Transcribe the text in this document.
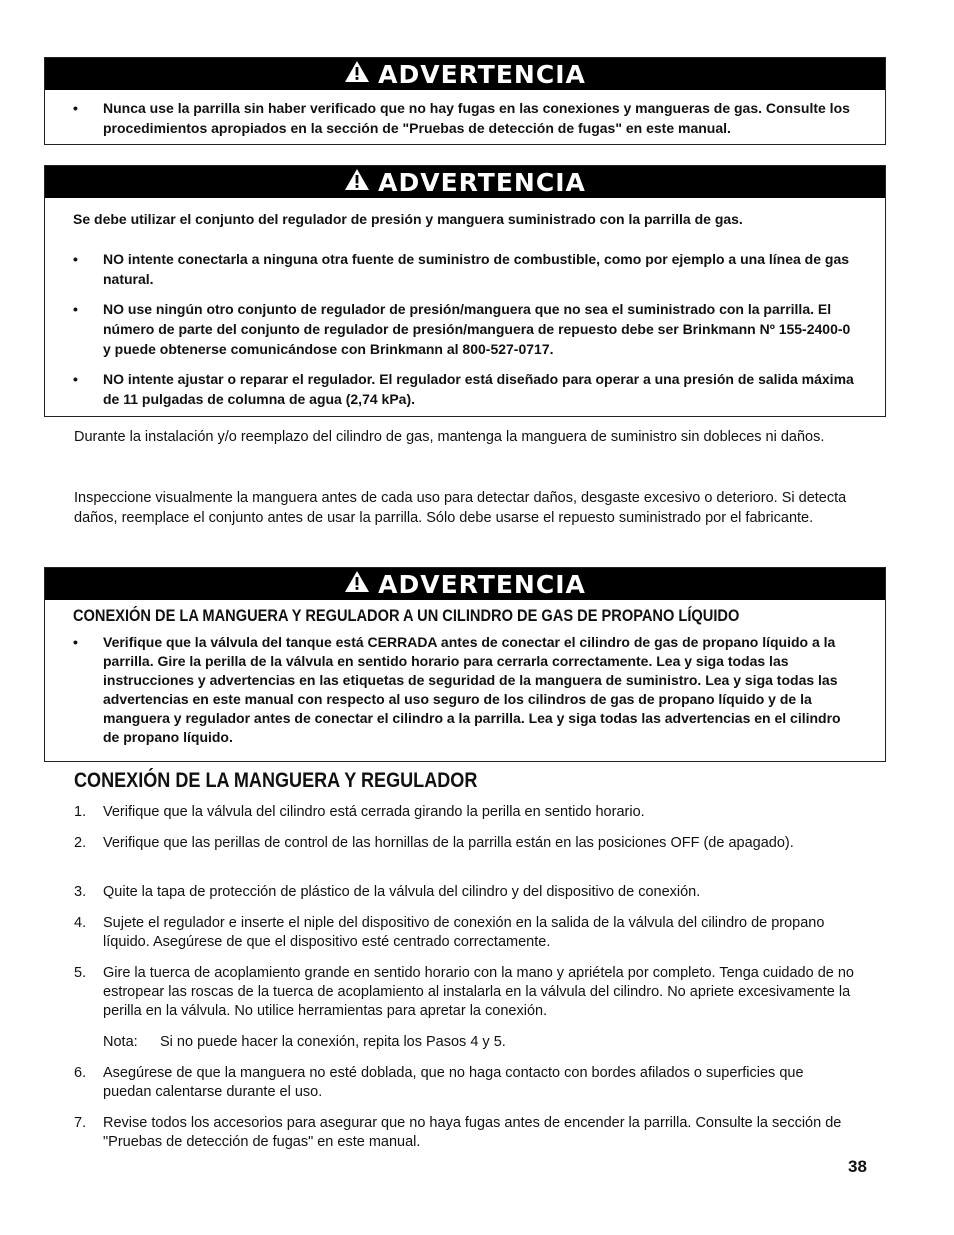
ADVERTENCIA
• Nunca use la parrilla sin haber verificado que no hay fugas en las conexiones y mangueras de gas. Consulte los procedimientos apropiados en la sección de "Pruebas de detección de fugas" en este manual.
ADVERTENCIA
Se debe utilizar el conjunto del regulador de presión y manguera suministrado con la parrilla de gas.
• NO intente conectarla a ninguna otra fuente de suministro de combustible, como por ejemplo a una línea de gas natural.
• NO use ningún otro conjunto de regulador de presión/manguera que no sea el suministrado con la parrilla. El número de parte del conjunto de regulador de presión/manguera de repuesto debe ser Brinkmann Nº 155-2400-0 y puede obtenerse comunicándose con Brinkmann al 800-527-0717.
• NO intente ajustar o reparar el regulador. El regulador está diseñado para operar a una presión de salida máxima de 11 pulgadas de columna de agua (2,74 kPa).
Durante la instalación y/o reemplazo del cilindro de gas, mantenga la manguera de suministro sin dobleces ni daños.
Inspeccione visualmente la manguera antes de cada uso para detectar daños, desgaste excesivo o deterioro. Si detecta daños, reemplace el conjunto antes de usar la parrilla. Sólo debe usarse el repuesto suministrado por el fabricante.
ADVERTENCIA
CONEXIÓN DE LA MANGUERA Y REGULADOR A UN CILINDRO DE GAS DE PROPANO LÍQUIDO
• Verifique que la válvula del tanque está CERRADA antes de conectar el cilindro de gas de propano líquido a la parrilla. Gire la perilla de la válvula en sentido horario para cerrarla correctamente. Lea y siga todas las instrucciones y advertencias en las etiquetas de seguridad de la manguera de suministro. Lea y siga todas las advertencias en este manual con respecto al uso seguro de los cilindros de gas de propano líquido y de la manguera y regulador antes de conectar el cilindro a la parrilla. Lea y siga todas las advertencias en el cilindro de propano líquido.
CONEXIÓN DE LA MANGUERA Y REGULADOR
1. Verifique que la válvula del cilindro está cerrada girando la perilla en sentido horario.
2. Verifique que las perillas de control de las hornillas de la parrilla están en las posiciones OFF (de apagado).
3. Quite la tapa de protección de plástico de la válvula del cilindro y del dispositivo de conexión.
4. Sujete el regulador e inserte el niple del dispositivo de conexión en la salida de la válvula del cilindro de propano líquido. Asegúrese de que el dispositivo esté centrado correctamente.
5. Gire la tuerca de acoplamiento grande en sentido horario con la mano y apriétela por completo. Tenga cuidado de no estropear las roscas de la tuerca de acoplamiento al instalarla en la válvula del cilindro. No apriete excesivamente la perilla en la válvula. No utilice herramientas para apretar la conexión.
Nota: Si no puede hacer la conexión, repita los Pasos 4 y 5.
6. Asegúrese de que la manguera no esté doblada, que no haga contacto con bordes afilados o superficies que puedan calentarse durante el uso.
7. Revise todos los accesorios para asegurar que no haya fugas antes de encender la parrilla. Consulte la sección de "Pruebas de detección de fugas" en este manual.
38
